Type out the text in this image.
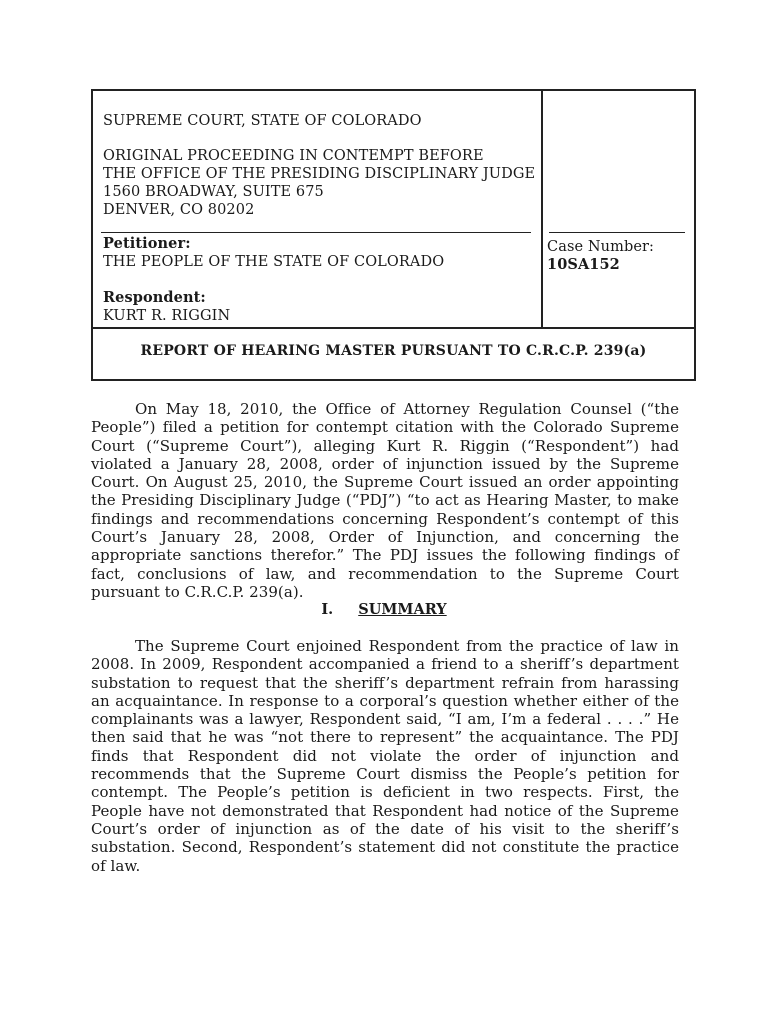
SUPREME COURT, STATE OF COLORADO
ORIGINAL PROCEEDING IN CONTEMPT BEFORE
THE OFFICE OF THE PRESIDING DISCIPLINARY JUDGE
1560 BROADWAY, SUITE 675
DENVER, CO 80202
Petitioner:
THE PEOPLE OF THE STATE OF COLORADO
Respondent:
KURT R. RIGGIN
Case Number:
10SA152
REPORT OF HEARING MASTER PURSUANT TO C.R.C.P. 239(a)
On May 18, 2010, the Office of Attorney Regulation Counsel (“the People”) filed a petition for contempt citation with the Colorado Supreme Court (“Supreme Court”), alleging Kurt R. Riggin (“Respondent”) had violated a January 28, 2008, order of injunction issued by the Supreme Court. On August 25, 2010, the Supreme Court issued an order appointing the Presiding Disciplinary Judge (“PDJ”) “to act as Hearing Master, to make findings and recommendations concerning Respondent’s contempt of this Court’s January 28, 2008, Order of Injunction, and concerning the appropriate sanctions therefor.” The PDJ issues the following findings of fact, conclusions of law, and recommendation to the Supreme Court pursuant to C.R.C.P. 239(a).
I. SUMMARY
The Supreme Court enjoined Respondent from the practice of law in 2008. In 2009, Respondent accompanied a friend to a sheriff’s department substation to request that the sheriff’s department refrain from harassing an acquaintance. In response to a corporal’s question whether either of the complainants was a lawyer, Respondent said, “I am, I’m a federal . . . .” He then said that he was “not there to represent” the acquaintance. The PDJ finds that Respondent did not violate the order of injunction and recommends that the Supreme Court dismiss the People’s petition for contempt. The People’s petition is deficient in two respects. First, the People have not demonstrated that Respondent had notice of the Supreme Court’s order of injunction as of the date of his visit to the sheriff’s substation. Second, Respondent’s statement did not constitute the practice of law.
